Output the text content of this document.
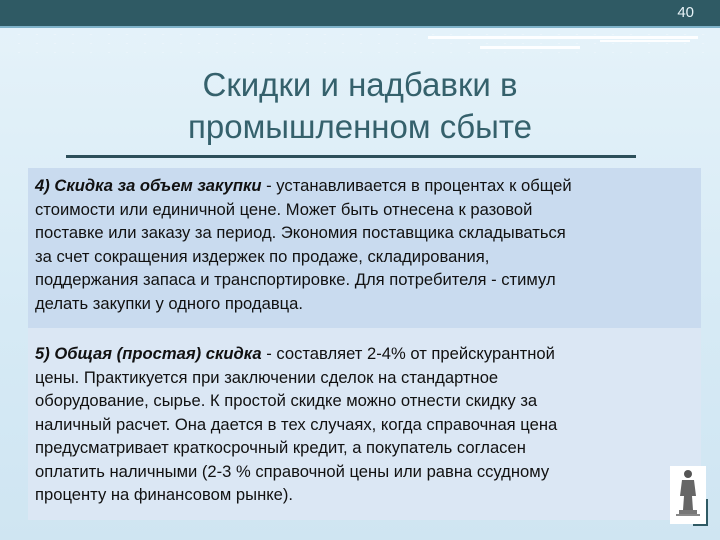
40
Скидки и надбавки в
промышленном сбыте
4) Скидка за объем закупки - устанавливается в процентах к общей
стоимости или единичной цене. Может быть отнесена к разовой
поставке или заказу за период. Экономия поставщика складываться
за счет сокращения издержек по продаже, складирования,
поддержания запаса и транспортировке. Для потребителя - стимул
делать закупки у одного продавца.
5) Общая (простая) скидка - составляет 2-4% от прейскурантной
цены. Практикуется при заключении сделок на стандартное
оборудование, сырье. К простой скидке можно отнести скидку за
наличный расчет. Она дается в тех случаях, когда справочная цена
предусматривает краткосрочный кредит, а покупатель согласен
оплатить наличными (2-3 % справочной цены или равна ссудному
проценту на финансовом рынке).
